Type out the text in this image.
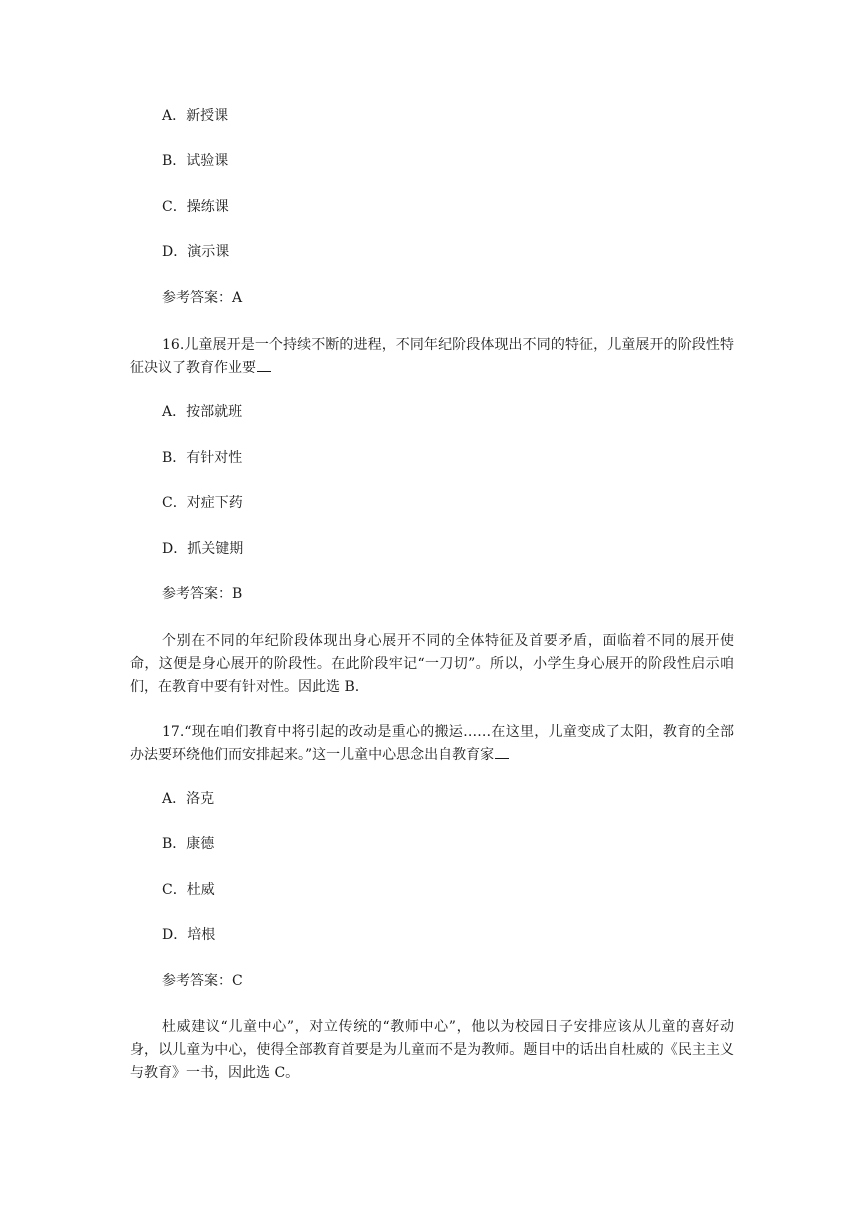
A．新授课
B．试验课
C．操练课
D．演示课
参考答案：A
16.儿童展开是一个持续不断的进程，不同年纪阶段体现出不同的特征，儿童展开的阶段性特征决议了教育作业要
A．按部就班
B．有针对性
C．对症下药
D．抓关键期
参考答案：B
个别在不同的年纪阶段体现出身心展开不同的全体特征及首要矛盾，面临着不同的展开使命，这便是身心展开的阶段性。在此阶段牢记“一刀切”。所以，小学生身心展开的阶段性启示咱们，在教育中要有针对性。因此选 B.
17.“现在咱们教育中将引起的改动是重心的搬运……在这里，儿童变成了太阳，教育的全部办法要环绕他们而安排起来。”这一儿童中心思念出自教育家
A．洛克
B．康德
C．杜威
D．培根
参考答案：C
杜威建议“儿童中心”，对立传统的“教师中心”，他以为校园日子安排应该从儿童的喜好动身，以儿童为中心，使得全部教育首要是为儿童而不是为教师。题目中的话出自杜威的《民主主义与教育》一书，因此选 C。
